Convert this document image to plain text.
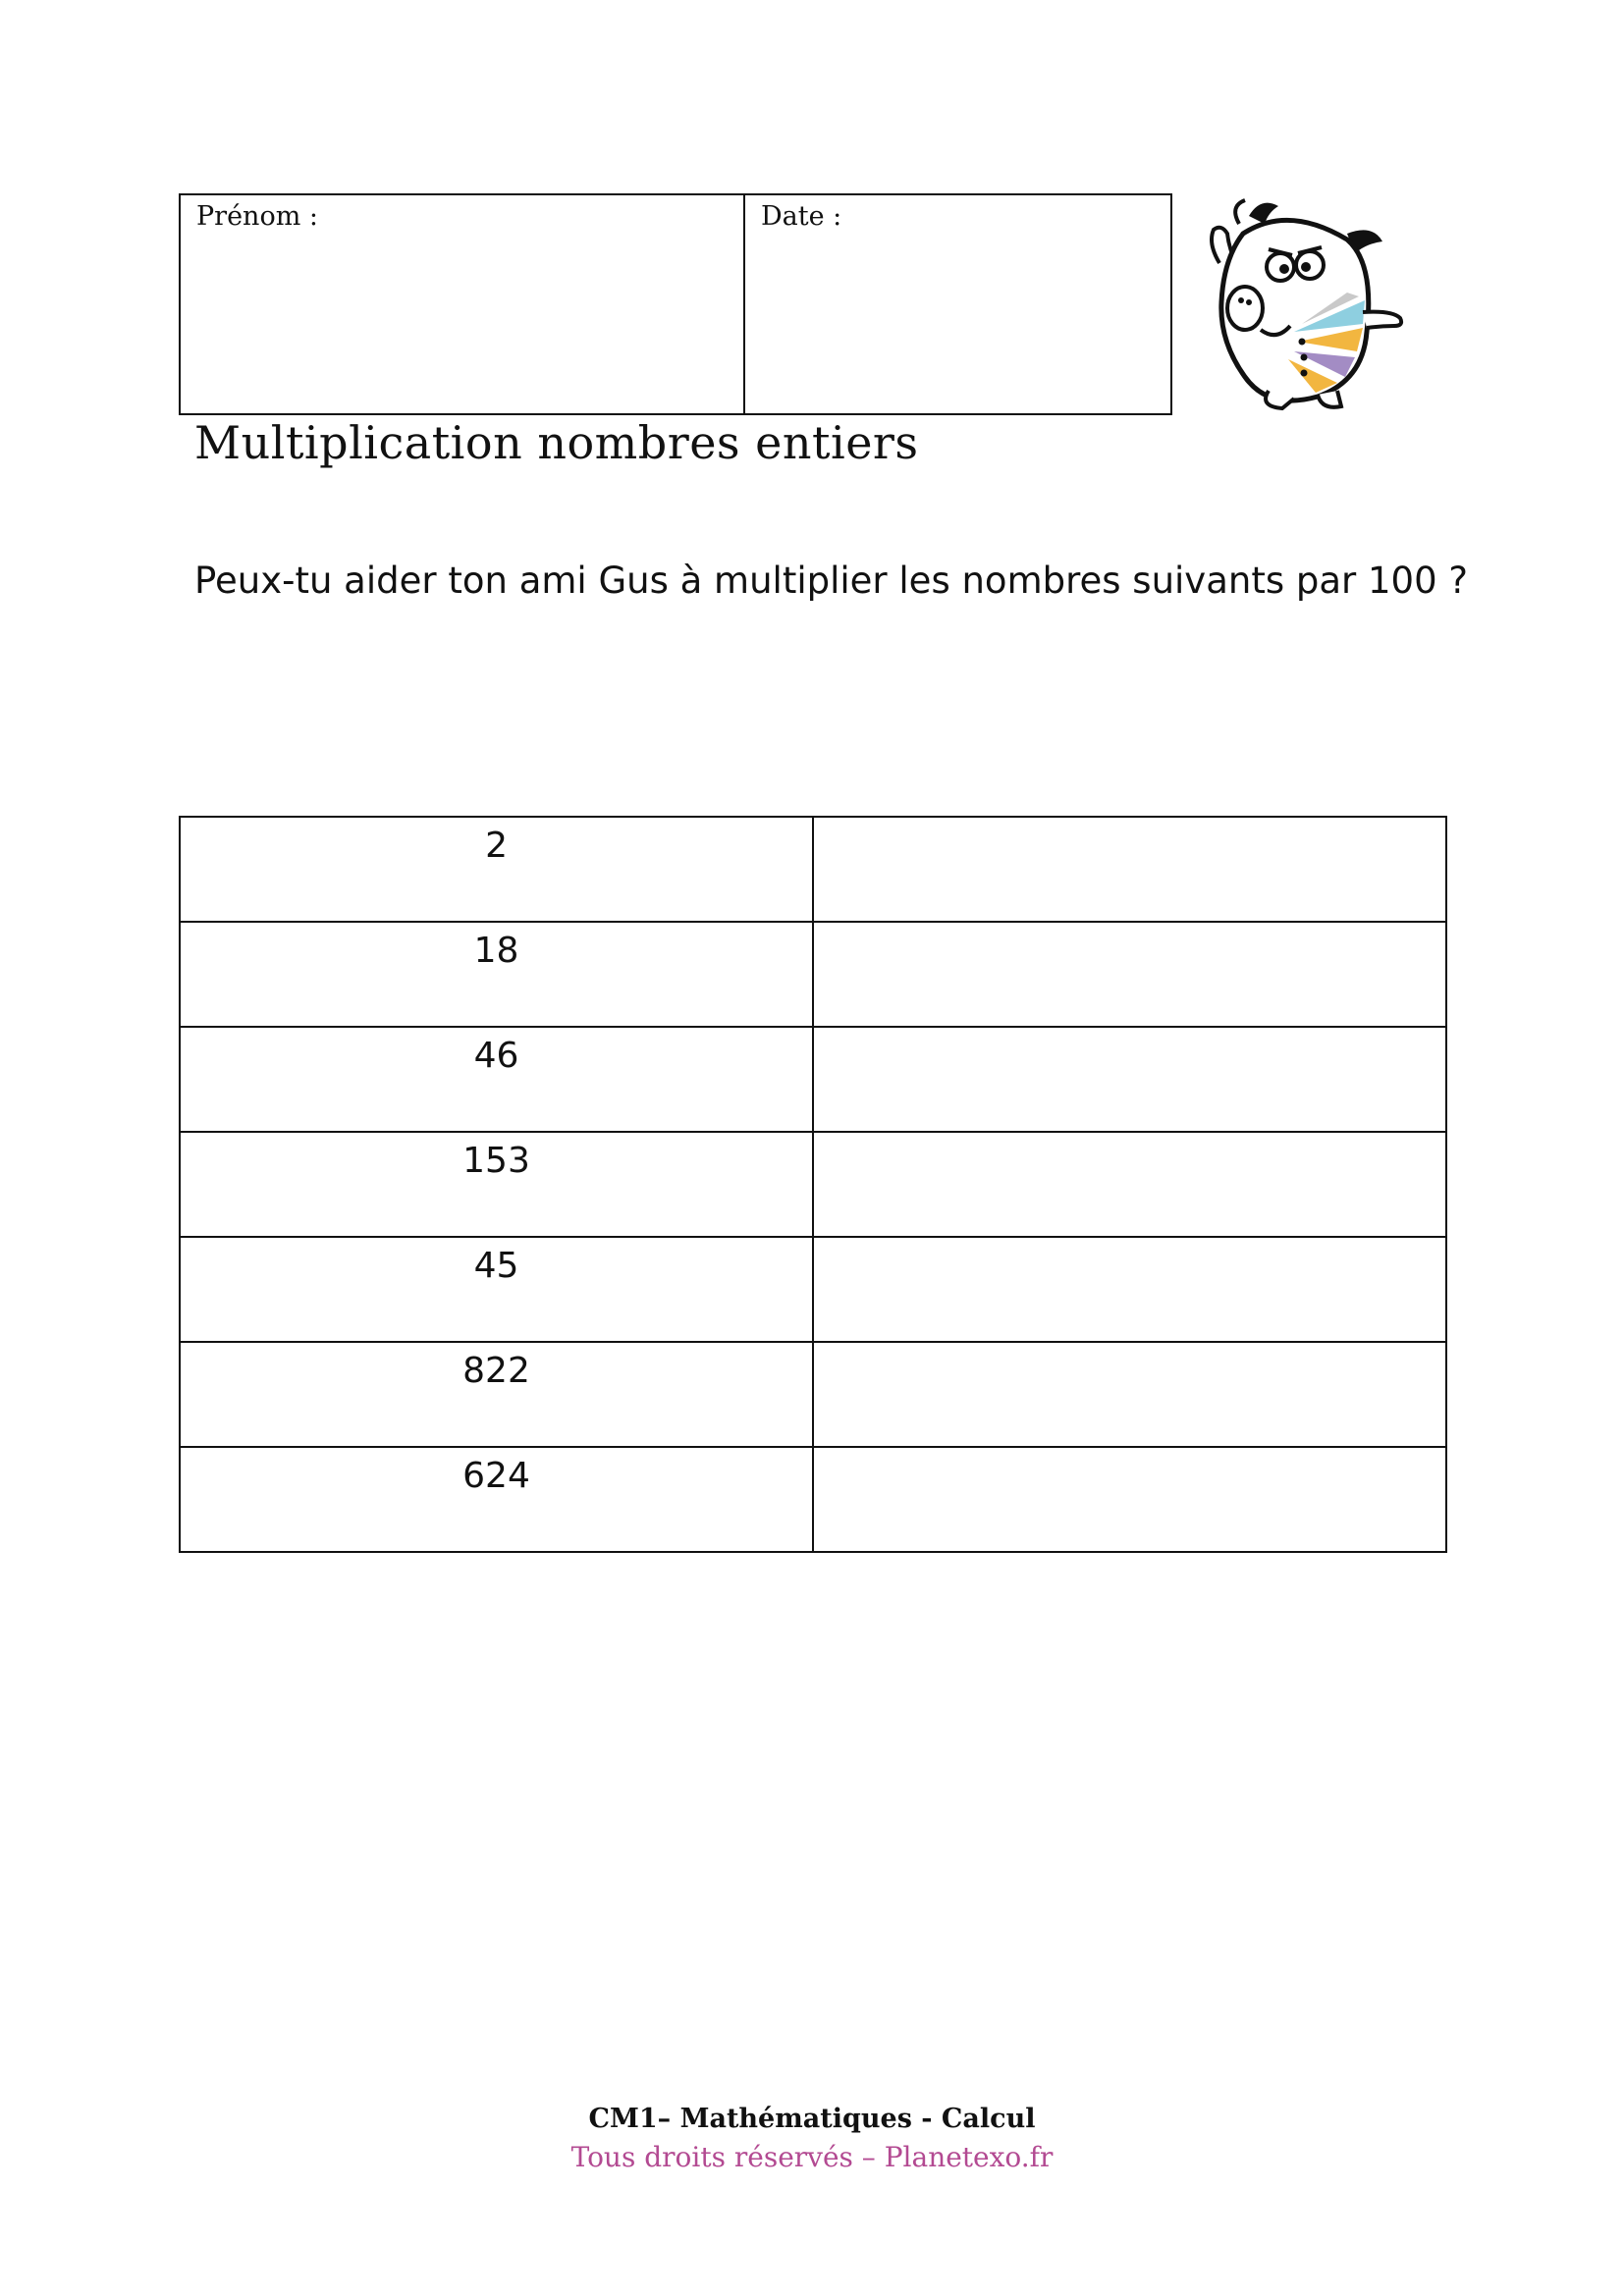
Prénom :	Date :
Multiplication nombres entiers
Peux-tu aider ton ami Gus à multiplier les nombres suivants par 100 ?
2	
18	
46	
153	
45	
822	
624	
CM1– Mathématiques - Calcul
Tous droits réservés – Planetexo.fr
